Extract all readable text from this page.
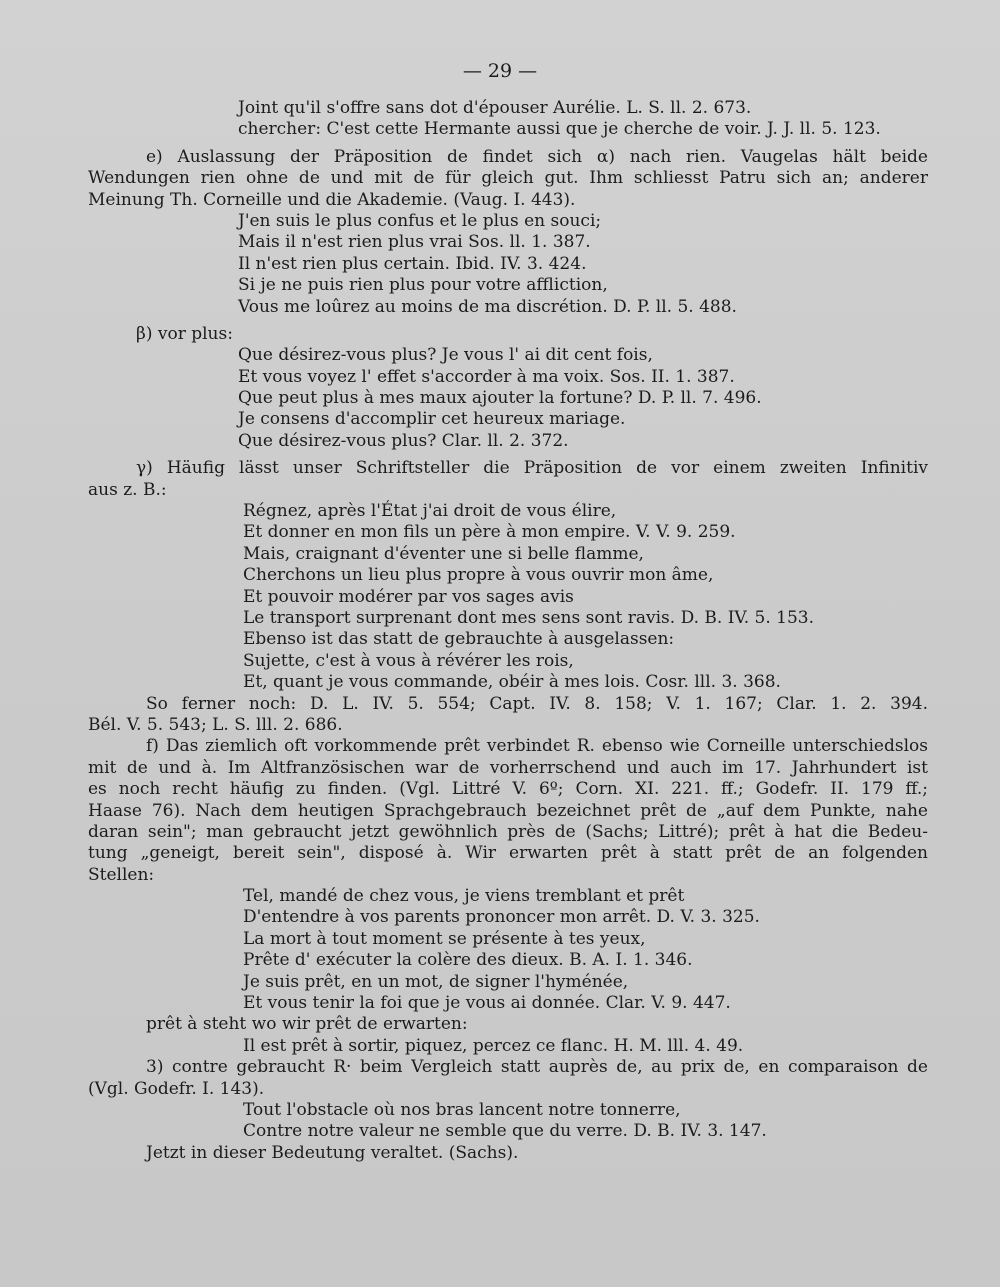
— 29 —
Joint qu'il s'offre sans dot d'épouser Aurélie. L. S. ll. 2. 673.
chercher: C'est cette Hermante aussi que je cherche de voir. J. J. ll. 5. 123.
e) Auslassung der Präposition de findet sich α) nach rien. Vaugelas hält beide
Wendungen rien ohne de und mit de für gleich gut. Ihm schliesst Patru sich an; anderer
Meinung Th. Corneille und die Akademie. (Vaug. I. 443).
J'en suis le plus confus et le plus en souci;
Mais il n'est rien plus vrai Sos. ll. 1. 387.
Il n'est rien plus certain. Ibid. IV. 3. 424.
Si je ne puis rien plus pour votre affliction,
Vous me loûrez au moins de ma discrétion. D. P. ll. 5. 488.
β) vor plus:
Que désirez-vous plus? Je vous l' ai dit cent fois,
Et vous voyez l' effet s'accorder à ma voix. Sos. II. 1. 387.
Que peut plus à mes maux ajouter la fortune? D. P. ll. 7. 496.
Je consens d'accomplir cet heureux mariage.
Que désirez-vous plus? Clar. ll. 2. 372.
γ) Häufig lässt unser Schriftsteller die Präposition de vor einem zweiten Infinitiv
aus z. B.:
Régnez, après l'État j'ai droit de vous élire,
Et donner en mon fils un père à mon empire. V. V. 9. 259.
Mais, craignant d'éventer une si belle flamme,
Cherchons un lieu plus propre à vous ouvrir mon âme,
Et pouvoir modérer par vos sages avis
Le transport surprenant dont mes sens sont ravis. D. B. IV. 5. 153.
Ebenso ist das statt de gebrauchte à ausgelassen:
Sujette, c'est à vous à révérer les rois,
Et, quant je vous commande, obéir à mes lois. Cosr. lll. 3. 368.
So ferner noch: D. L. IV. 5. 554; Capt. IV. 8. 158; V. 1. 167; Clar. 1. 2. 394.
Bél. V. 5. 543; L. S. lll. 2. 686.
f) Das ziemlich oft vorkommende prêt verbindet R. ebenso wie Corneille unterschiedslos
mit de und à. Im Altfranzösischen war de vorherrschend und auch im 17. Jahrhundert ist
es noch recht häufig zu finden. (Vgl. Littré V. 6º; Corn. XI. 221. ff.; Godefr. II. 179 ff.;
Haase 76). Nach dem heutigen Sprachgebrauch bezeichnet prêt de „auf dem Punkte, nahe
daran sein"; man gebraucht jetzt gewöhnlich près de (Sachs; Littré); prêt à hat die Bedeu-
tung „geneigt, bereit sein", disposé à. Wir erwarten prêt à statt prêt de an folgenden
Stellen:
Tel, mandé de chez vous, je viens tremblant et prêt
D'entendre à vos parents prononcer mon arrêt. D. V. 3. 325.
La mort à tout moment se présente à tes yeux,
Prête d' exécuter la colère des dieux. B. A. I. 1. 346.
Je suis prêt, en un mot, de signer l'hyménée,
Et vous tenir la foi que je vous ai donnée. Clar. V. 9. 447.
prêt à steht wo wir prêt de erwarten:
Il est prêt à sortir, piquez, percez ce flanc. H. M. lll. 4. 49.
3) contre gebraucht R· beim Vergleich statt auprès de, au prix de, en comparaison de
(Vgl. Godefr. I. 143).
Tout l'obstacle où nos bras lancent notre tonnerre,
Contre notre valeur ne semble que du verre. D. B. IV. 3. 147.
Jetzt in dieser Bedeutung veraltet. (Sachs).
